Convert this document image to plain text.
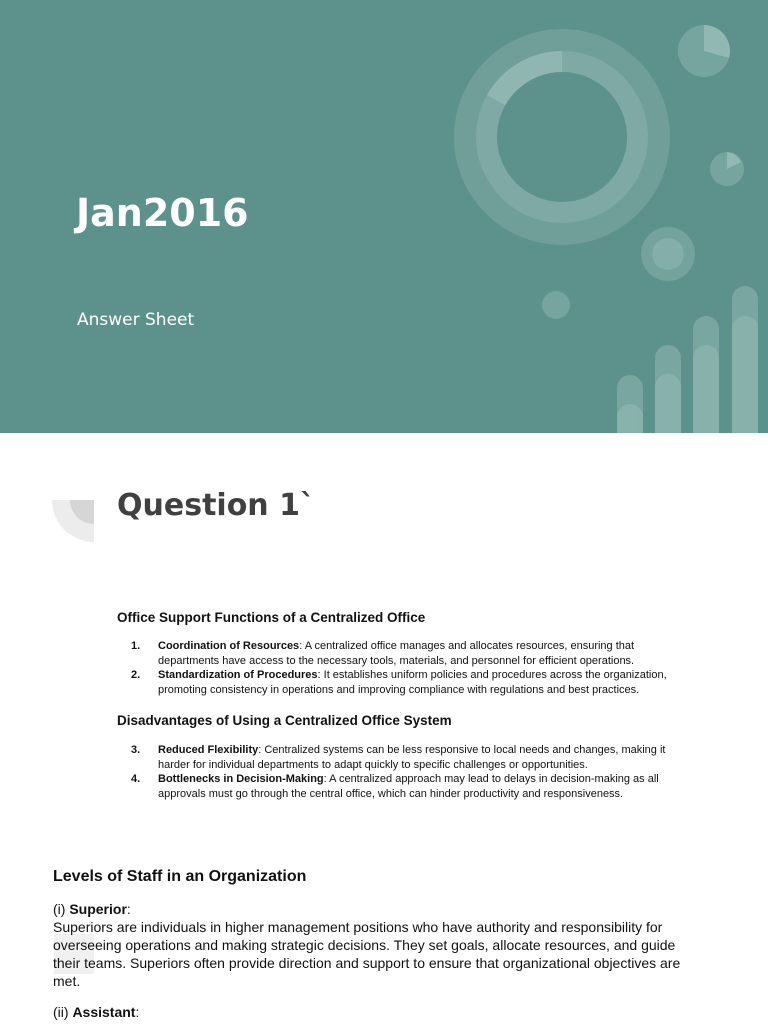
Jan2016
Answer Sheet
Question 1`
Office Support Functions of a Centralized Office
1. Coordination of Resources: A centralized office manages and allocates resources, ensuring that departments have access to the necessary tools, materials, and personnel for efficient operations.
2. Standardization of Procedures: It establishes uniform policies and procedures across the organization, promoting consistency in operations and improving compliance with regulations and best practices.
Disadvantages of Using a Centralized Office System
3. Reduced Flexibility: Centralized systems can be less responsive to local needs and changes, making it harder for individual departments to adapt quickly to specific challenges or opportunities.
4. Bottlenecks in Decision-Making: A centralized approach may lead to delays in decision-making as all approvals must go through the central office, which can hinder productivity and responsiveness.
Levels of Staff in an Organization
(i) Superior:
Superiors are individuals in higher management positions who have authority and responsibility for overseeing operations and making strategic decisions. They set goals, allocate resources, and guide their teams. Superiors often provide direction and support to ensure that organizational objectives are met.
(ii) Assistant:
